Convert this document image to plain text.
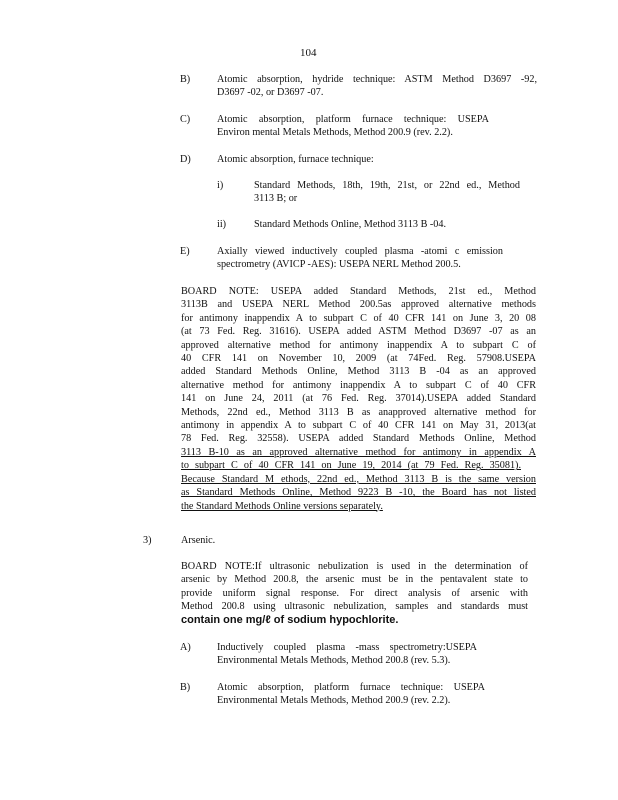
104
B)	Atomic absorption, hydride technique: ASTM Method D3697 -92,
D3697 -02, or D3697 -07.
C)	Atomic absorption, platform furnace technique: USEPA
Environ mental Metals Methods, Method 200.9 (rev. 2.2).
D)	Atomic absorption, furnace technique:
i)	Standard Methods, 18th, 19th, 21st, or 22nd ed., Method
3113 B; or
ii)	Standard Methods Online, Method 3113 B -04.
E)	Axially viewed inductively coupled plasma -atomi c emission
spectrometry (AVICP -AES): USEPA NERL Method 200.5.
BOARD NOTE: USEPA added Standard Methods, 21st ed., Method
3113B and USEPA NERL Method 200.5as approved alternative methods
for antimony inappendix A to subpart C of 40 CFR 141 on June 3, 20 08
(at 73 Fed. Reg. 31616). USEPA added ASTM Method D3697 -07 as an
approved alternative method for antimony inappendix A to subpart C of
40 CFR 141 on November 10, 2009 (at 74Fed. Reg. 57908.USEPA
added Standard Methods Online, Method 3113 B -04 as an approved
alternative method for antimony inappendix A to subpart C of 40 CFR
141 on June 24, 2011 (at 76 Fed. Reg. 37014).USEPA added Standard
Methods, 22nd ed., Method 3113 B as anapproved alternative method for
antimony in appendix A to subpart C of 40 CFR 141 on May 31, 2013(at
78 Fed. Reg. 32558). USEPA added Standard Methods Online, Method
3113 B-10 as an approved alternative method for antimony in appendix A
to subpart C of 40 CFR 141 on June 19, 2014 (at 79 Fed. Reg. 35081).
Because Standard M ethods, 22nd ed., Method 3113 B is the same version
as Standard Methods Online, Method 9223 B -10, the Board has not listed
the Standard Methods Online versions separately.
3)	Arsenic.
BOARD NOTE:If ultrasonic nebulization is used in the determination of
arsenic by Method 200.8, the arsenic must be in the pentavalent state to
provide uniform signal response. For direct analysis of arsenic with
Method 200.8 using ultrasonic nebulization, samples and standards must
contain one mg/ℓ of sodium hypochlorite.
A)	Inductively coupled plasma -mass spectrometry:USEPA
Environmental Metals Methods, Method 200.8 (rev. 5.3).
B)	Atomic absorption, platform furnace technique: USEPA
Environmental Metals Methods, Method 200.9 (rev. 2.2).
